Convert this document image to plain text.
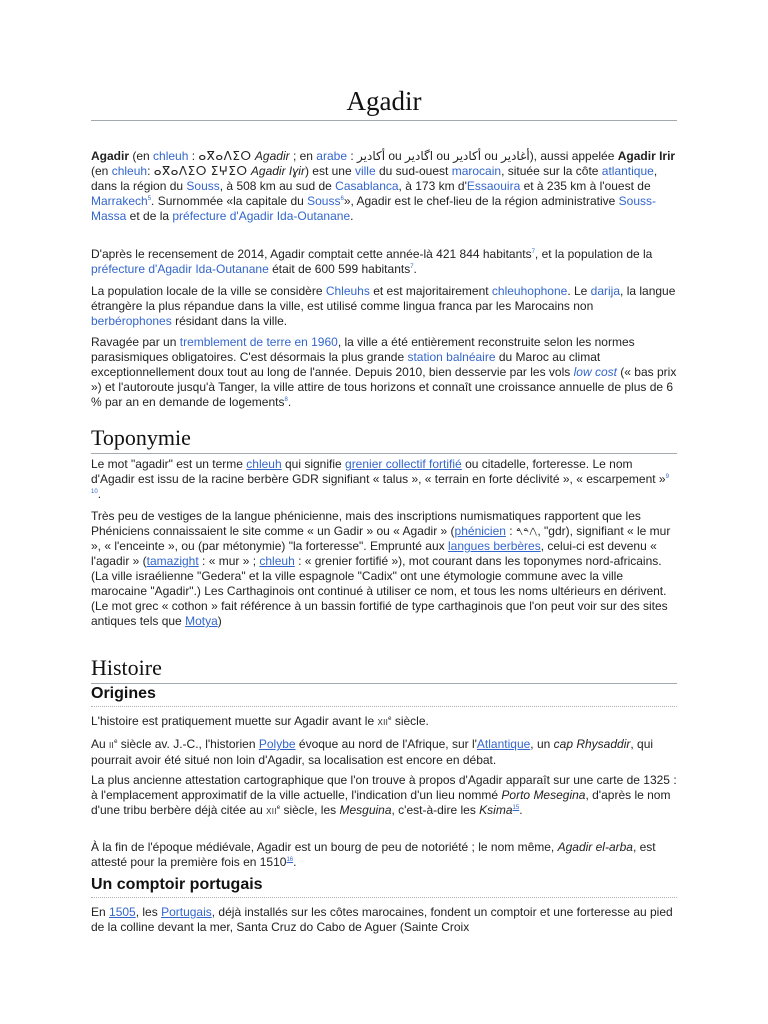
Agadir

Agadir (en chleuh : ⴰⴳⴰⴷⵉⵔ Agadir ; en arabe : أكادير ou اگادير ou أكادير ou أغادير), aussi appelée Agadir Irir (en chleuh: ⴰⴳⴰⴷⵉⵔ ⵉⵖⵉⵔ Agadir Iɣir) est une ville du sud-ouest marocain, située sur la côte atlantique, dans la région du Souss, à 508 km au sud de Casablanca, à 173 km d'Essaouira et à 235 km à l'ouest de Marrakech$^5$. Surnommée «la capitale du Souss$^6$», Agadir est le chef-lieu de la région administrative Souss-Massa et de la préfecture d'Agadir Ida-Outanane.

D'après le recensement de 2014, Agadir comptait cette année-là 421 844 habitants$^7$, et la population de la préfecture d'Agadir Ida-Outanane était de 600 599 habitants$^7$.

La population locale de la ville se considère Chleuhs et est majoritairement chleuhophone. Le darija, la langue étrangère la plus répandue dans la ville, est utilisé comme lingua franca par les Marocains non berbérophones résidant dans la ville.

Ravagée par un tremblement de terre en 1960, la ville a été entièrement reconstruite selon les normes parasismiques obligatoires. C'est désormais la plus grande station balnéaire du Maroc au climat exceptionnellement doux tout au long de l'année. Depuis 2010, bien desservie par les vols low cost (« bas prix ») et l'autoroute jusqu'à Tanger, la ville attire de tous horizons et connaît une croissance annuelle de plus de 6 % par an en demande de logements$^8$.

Toponymie

Le mot "agadir" est un terme chleuh qui signifie grenier collectif fortifié ou citadelle, forteresse. Le nom d'Agadir est issu de la racine berbère GDR signifiant « talus », « terrain en forte déclivité », « escarpement »$^{9 10}$.

Très peu de vestiges de la langue phénicienne, mais des inscriptions numismatiques rapportent que les Phéniciens connaissaient le site comme « un Gadir » ou « Agadir » (phénicien : 𐤂𐤃𐤓, "gdr), signifiant « le mur », « l'enceinte », ou (par métonymie) "la forteresse". Emprunté aux langues berbères, celui-ci est devenu « l'agadir » (tamazight : « mur » ; chleuh : « grenier fortifié »), mot courant dans les toponymes nord-africains. (La ville israélienne "Gedera" et la ville espagnole "Cadix" ont une étymologie commune avec la ville marocaine "Agadir".) Les Carthaginois ont continué à utiliser ce nom, et tous les noms ultérieurs en dérivent. (Le mot grec « cothon » fait référence à un bassin fortifié de type carthaginois que l'on peut voir sur des sites antiques tels que Motya)

Histoire
Origines

L'histoire est pratiquement muette sur Agadir avant le XIIe siècle.

Au IIe siècle av. J.-C., l'historien Polybe évoque au nord de l'Afrique, sur l'Atlantique, un cap Rhysaddir, qui pourrait avoir été situé non loin d'Agadir, sa localisation est encore en débat.

La plus ancienne attestation cartographique que l'on trouve à propos d'Agadir apparaît sur une carte de 1325 : à l'emplacement approximatif de la ville actuelle, l'indication d'un lieu nommé Porto Mesegina, d'après le nom d'une tribu berbère déjà citée au XIIe siècle, les Mesguina, c'est-à-dire les Ksima$^{15}$.

À la fin de l'époque médiévale, Agadir est un bourg de peu de notoriété ; le nom même, Agadir el-arba, est attesté pour la première fois en 1510$^{16}$.

Un comptoir portugais

En 1505, les Portugais, déjà installés sur les côtes marocaines, fondent un comptoir et une forteresse au pied de la colline devant la mer, Santa Cruz do Cabo de Aguer (Sainte Croix
